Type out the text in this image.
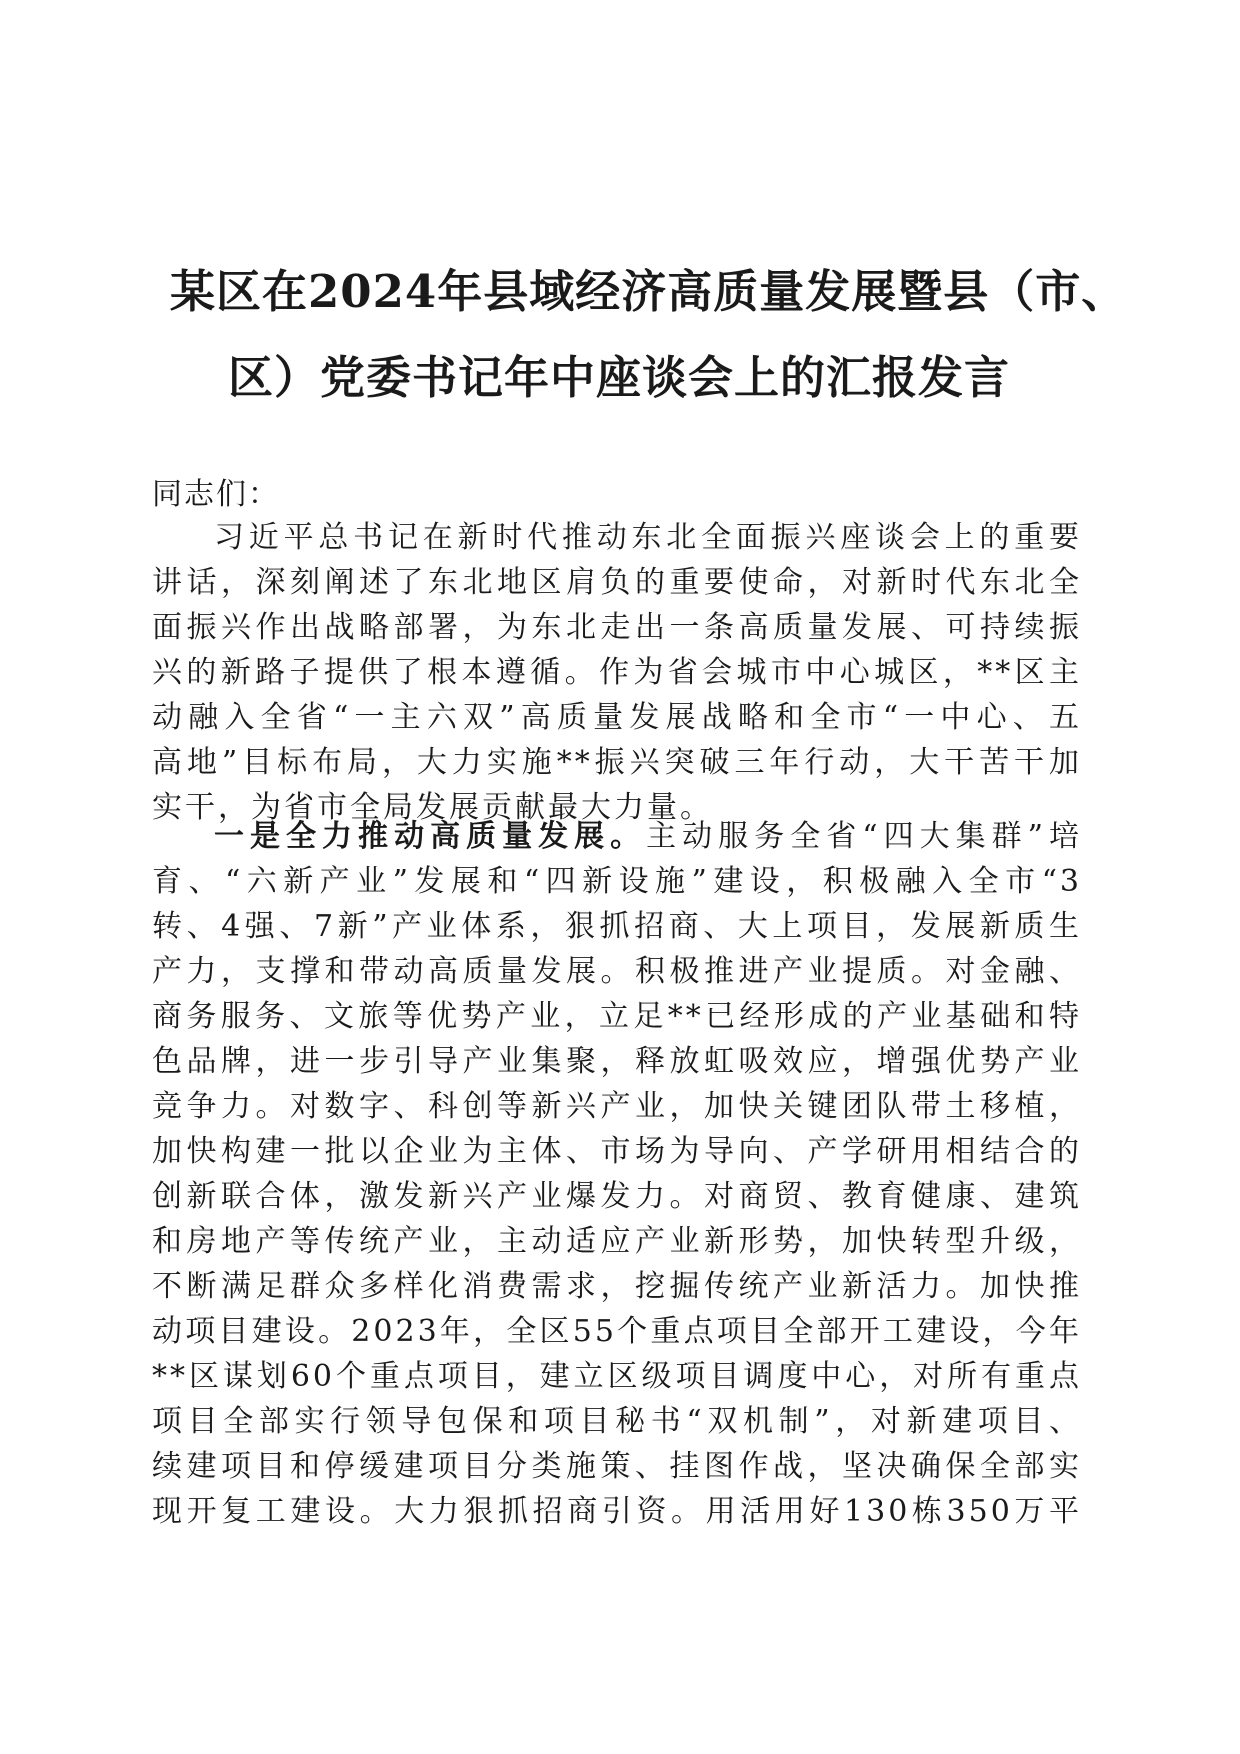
某区在2024年县域经济高质量发展暨县（市、
区）党委书记年中座谈会上的汇报发言
同志们：
习近平总书记在新时代推动东北全面振兴座谈会上的重要
讲话，深刻阐述了东北地区肩负的重要使命，对新时代东北全
面振兴作出战略部署，为东北走出一条高质量发展、可持续振
兴的新路子提供了根本遵循。作为省会城市中心城区，**区主
动融入全省“一主六双”高质量发展战略和全市“一中心、五
高地”目标布局，大力实施**振兴突破三年行动，大干苦干加
实干，为省市全局发展贡献最大力量。
一是全力推动高质量发展。主动服务全省“四大集群”培
育、“六新产业”发展和“四新设施”建设，积极融入全市“3
转、4强、7新”产业体系，狠抓招商、大上项目，发展新质生
产力，支撑和带动高质量发展。积极推进产业提质。对金融、
商务服务、文旅等优势产业，立足**已经形成的产业基础和特
色品牌，进一步引导产业集聚，释放虹吸效应，增强优势产业
竞争力。对数字、科创等新兴产业，加快关键团队带土移植，
加快构建一批以企业为主体、市场为导向、产学研用相结合的
创新联合体，激发新兴产业爆发力。对商贸、教育健康、建筑
和房地产等传统产业，主动适应产业新形势，加快转型升级，
不断满足群众多样化消费需求，挖掘传统产业新活力。加快推
动项目建设。2023年，全区55个重点项目全部开工建设，今年
**区谋划60个重点项目，建立区级项目调度中心，对所有重点
项目全部实行领导包保和项目秘书“双机制”，对新建项目、
续建项目和停缓建项目分类施策、挂图作战，坚决确保全部实
现开复工建设。大力狠抓招商引资。用活用好130栋350万平
